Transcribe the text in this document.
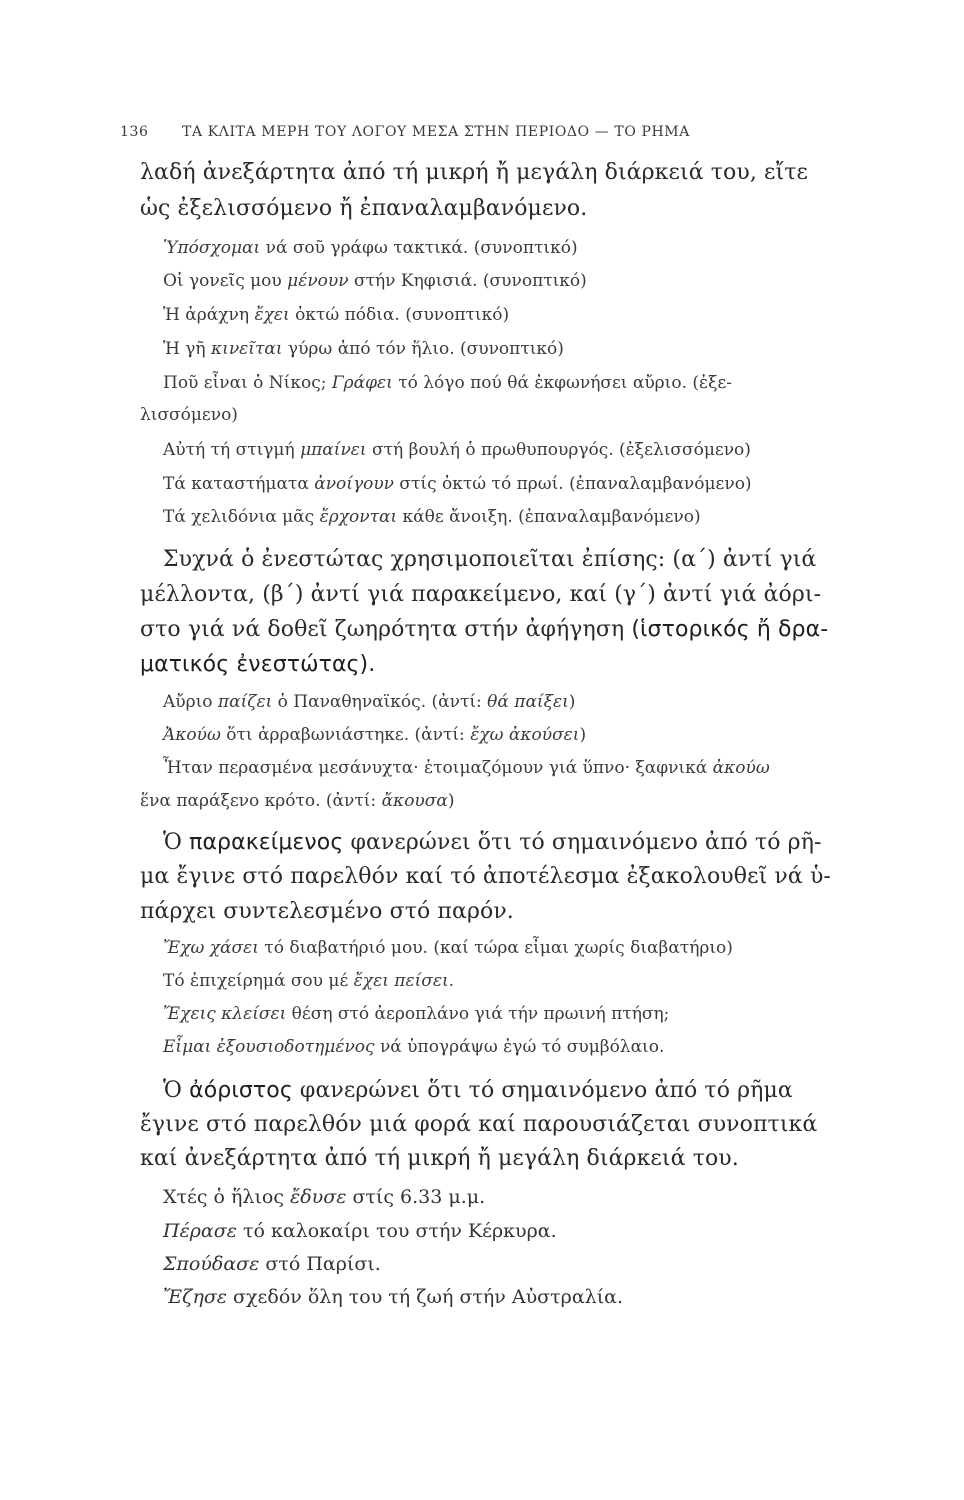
136 ΤΑ ΚΛΙΤΑ ΜΕΡΗ ΤΟΥ ΛΟΓΟΥ ΜΕΣΑ ΣΤΗΝ ΠΕΡΙΟΔΟ — ΤΟ ΡΗΜΑ
λαδή ἀνεξάρτητα ἀπό τή μικρή ἤ μεγάλη διάρκειά του, εἴτε
ὡς ἐξελισσόμενο ἤ ἐπαναλαμβανόμενο.
Ὑπόσχομαι νά σοῦ γράφω τακτικά. (συνοπτικό)
Οἱ γονεῖς μου μένουν στήν Κηφισιά. (συνοπτικό)
Ἡ ἀράχνη ἔχει ὀκτώ πόδια. (συνοπτικό)
Ἡ γῆ κινεῖται γύρω ἀπό τόν ἥλιο. (συνοπτικό)
Ποῦ εἶναι ὁ Νίκος; Γράφει τό λόγο πού θά ἐκφωνήσει αὔριο. (ἐξε-
λισσόμενο)
Αὐτή τή στιγμή μπαίνει στή βουλή ὁ πρωθυπουργός. (ἐξελισσόμενο)
Τά καταστήματα ἀνοίγουν στίς ὀκτώ τό πρωί. (ἐπαναλαμβανόμενο)
Τά χελιδόνια μᾶς ἔρχονται κάθε ἄνοιξη. (ἐπαναλαμβανόμενο)
Συχνά ὁ ἐνεστώτας χρησιμοποιεῖται ἐπίσης: (α΄) ἀντί γιά
μέλλοντα, (β΄) ἀντί γιά παρακείμενο, καί (γ΄) ἀντί γιά ἀόρι-
στο γιά νά δοθεῖ ζωηρότητα στήν ἀφήγηση (ἱστορικός ἤ δρα-
ματικός ἐνεστώτας).
Αὔριο παίζει ὁ Παναθηναϊκός. (ἀντί: θά παίξει)
Ἀκούω ὅτι ἀρραβωνιάστηκε. (ἀντί: ἔχω ἀκούσει)
Ἦταν περασμένα μεσάνυχτα· ἑτοιμαζόμουν γιά ὕπνο· ξαφνικά ἀκούω
ἕνα παράξενο κρότο. (ἀντί: ἄκουσα)
Ὁ παρακείμενος φανερώνει ὅτι τό σημαινόμενο ἀπό τό ρῆ-
μα ἔγινε στό παρελθόν καί τό ἀποτέλεσμα ἐξακολουθεῖ νά ὑ-
πάρχει συντελεσμένο στό παρόν.
Ἔχω χάσει τό διαβατήριό μου. (καί τώρα εἶμαι χωρίς διαβατήριο)
Τό ἐπιχείρημά σου μέ ἔχει πείσει.
Ἔχεις κλείσει θέση στό ἀεροπλάνο γιά τήν πρωινή πτήση;
Εἶμαι ἐξουσιοδοτημένος νά ὑπογράψω ἐγώ τό συμβόλαιο.
Ὁ ἀόριστος φανερώνει ὅτι τό σημαινόμενο ἀπό τό ρῆμα
ἔγινε στό παρελθόν μιά φορά καί παρουσιάζεται συνοπτικά
καί ἀνεξάρτητα ἀπό τή μικρή ἤ μεγάλη διάρκειά του.
Χτές ὁ ἥλιος ἔδυσε στίς 6.33 μ.μ.
Πέρασε τό καλοκαίρι του στήν Κέρκυρα.
Σπούδασε στό Παρίσι.
Ἔζησε σχεδόν ὅλη του τή ζωή στήν Αὐστραλία.
